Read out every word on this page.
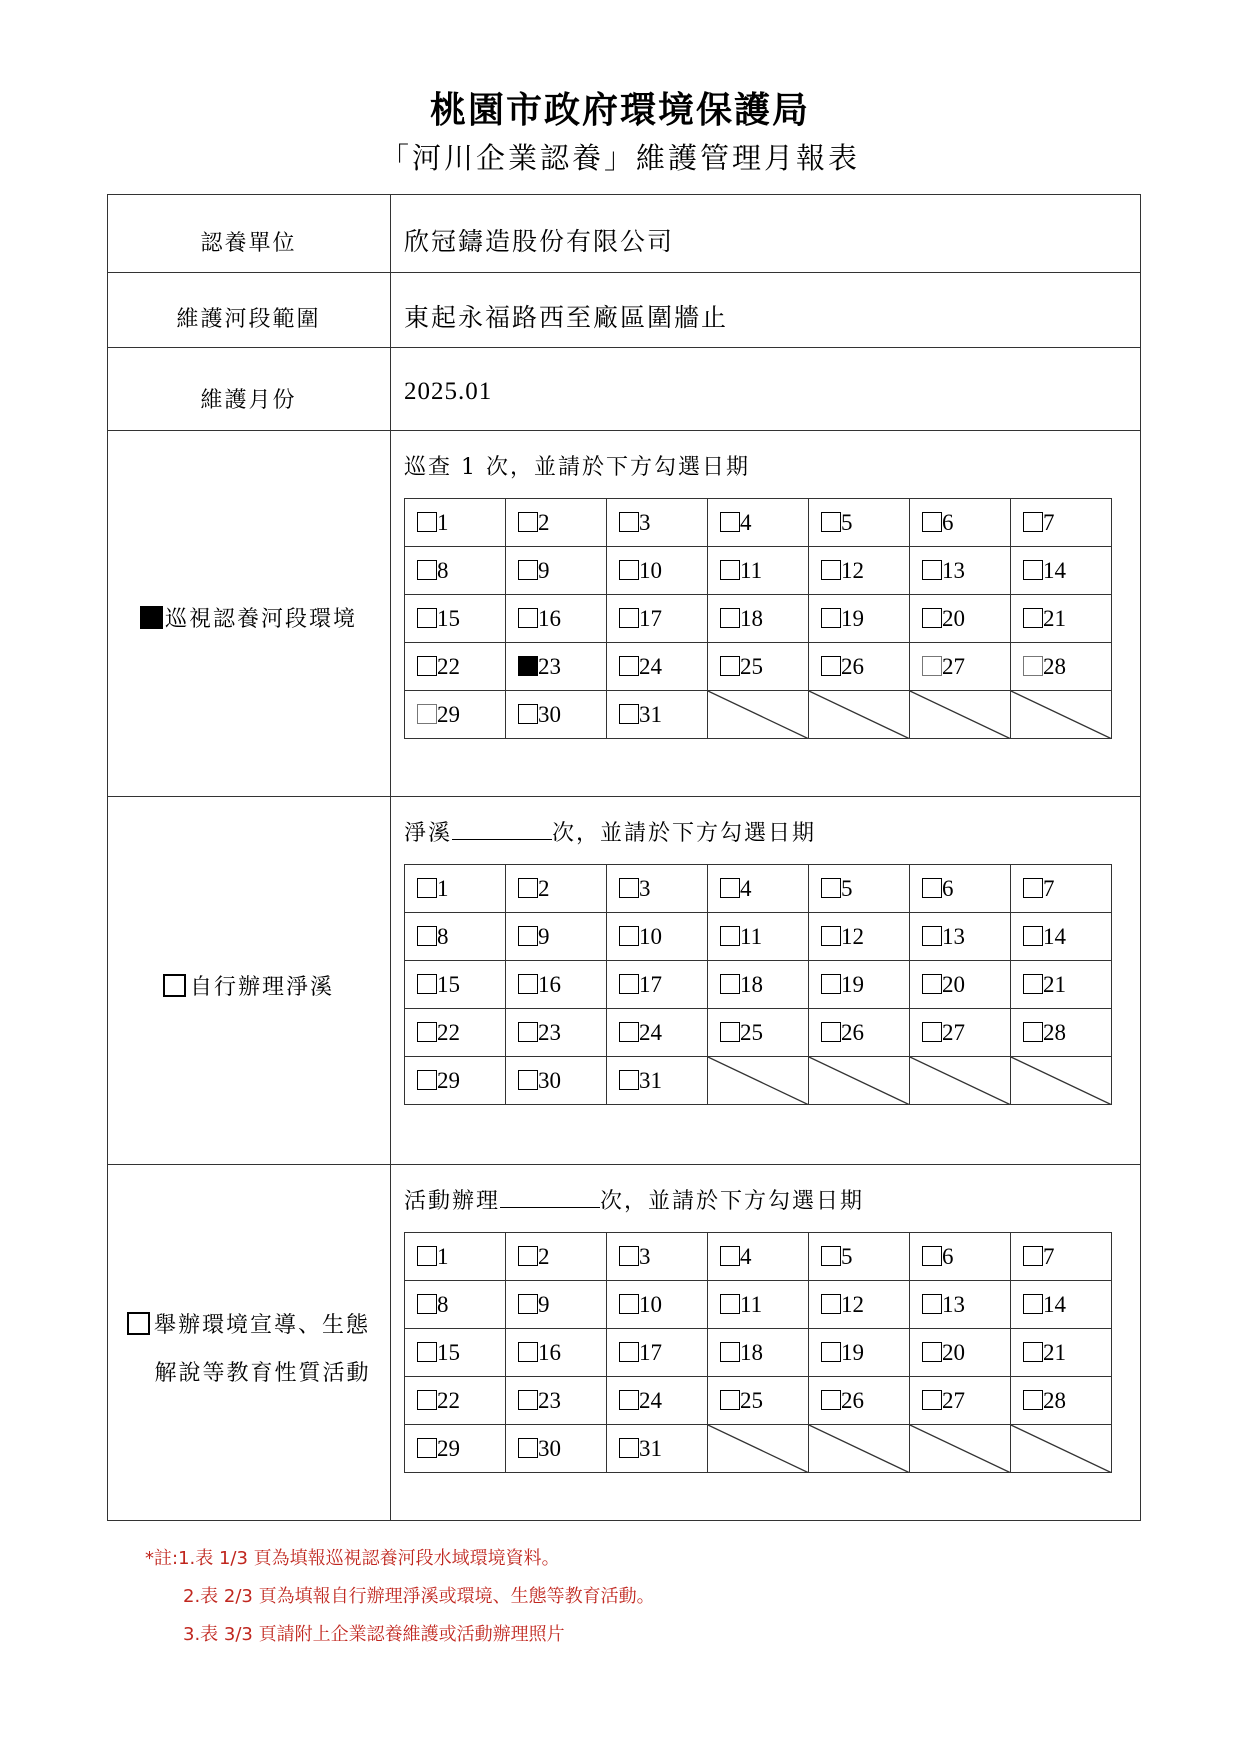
桃園市政府環境保護局
「河川企業認養」維護管理月報表
認養單位	欣冠鑄造股份有限公司
維護河段範圍	東起永福路西至廠區圍牆止
維護月份	2025.01
巡視認養河段環境
巡查 1 次，並請於下方勾選日期
1	2	3	4	5	6	7

8	9	10	11	12	13	14

15	16	17	18	19	20	21

22	23	24	25	26	27	28

29	30	31

自行辦理淨溪
淨溪	次，並請於下方勾選日期
1	2	3	4	5	6	7

8	9	10	11	12	13	14

15	16	17	18	19	20	21

22	23	24	25	26	27	28

29	30	31

舉辦環境宣導、生態
解說等教育性質活動
活動辦理	次，並請於下方勾選日期
1	2	3	4	5	6	7

8	9	10	11	12	13	14

15	16	17	18	19	20	21

22	23	24	25	26	27	28

29	30	31

*註:1.表 1/3 頁為填報巡視認養河段水域環境資料。
2.表 2/3 頁為填報自行辦理淨溪或環境、生態等教育活動。
3.表 3/3 頁請附上企業認養維護或活動辦理照片
